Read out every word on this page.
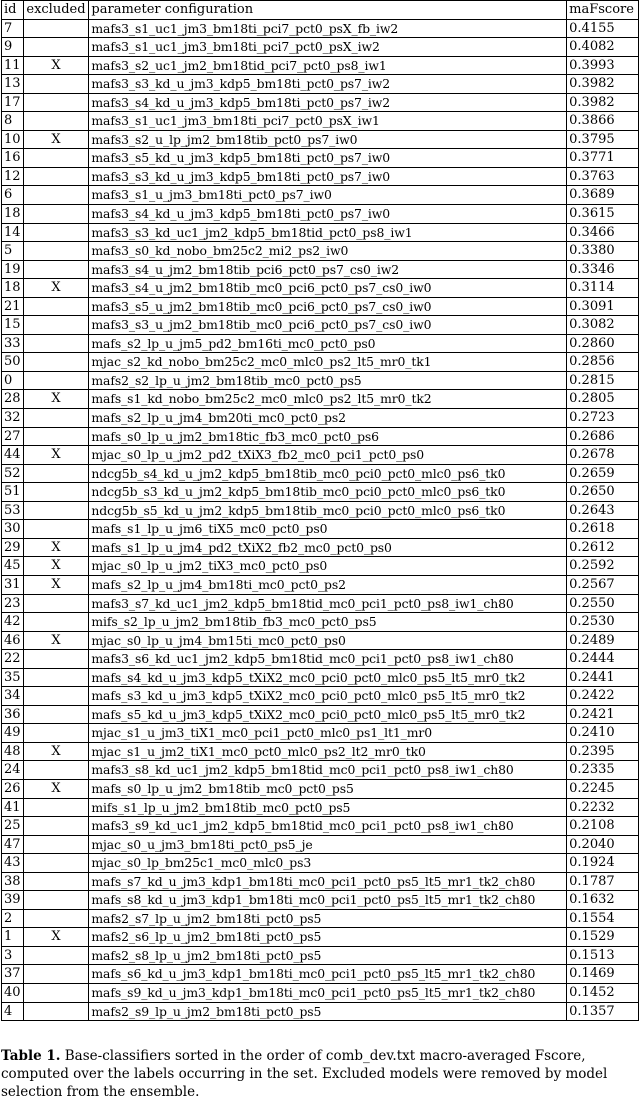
id	excluded	parameter configuration	maFscore
7		mafs3_s1_uc1_jm3_bm18ti_pci7_pct0_psX_fb_iw2	0.4155
9		mafs3_s1_uc1_jm3_bm18ti_pci7_pct0_psX_iw2	0.4082
11	X	mafs3_s2_uc1_jm2_bm18tid_pci7_pct0_ps8_iw1	0.3993
13		mafs3_s3_kd_u_jm3_kdp5_bm18ti_pct0_ps7_iw2	0.3982
17		mafs3_s4_kd_u_jm3_kdp5_bm18ti_pct0_ps7_iw2	0.3982
8		mafs3_s1_uc1_jm3_bm18ti_pci7_pct0_psX_iw1	0.3866
10	X	mafs3_s2_u_lp_jm2_bm18tib_pct0_ps7_iw0	0.3795
16		mafs3_s5_kd_u_jm3_kdp5_bm18ti_pct0_ps7_iw0	0.3771
12		mafs3_s3_kd_u_jm3_kdp5_bm18ti_pct0_ps7_iw0	0.3763
6		mafs3_s1_u_jm3_bm18ti_pct0_ps7_iw0	0.3689
18		mafs3_s4_kd_u_jm3_kdp5_bm18ti_pct0_ps7_iw0	0.3615
14		mafs3_s3_kd_uc1_jm2_kdp5_bm18tid_pct0_ps8_iw1	0.3466
5		mafs3_s0_kd_nobo_bm25c2_mi2_ps2_iw0	0.3380
19		mafs3_s4_u_jm2_bm18tib_pci6_pct0_ps7_cs0_iw2	0.3346
18	X	mafs3_s4_u_jm2_bm18tib_mc0_pci6_pct0_ps7_cs0_iw0	0.3114
21		mafs3_s5_u_jm2_bm18tib_mc0_pci6_pct0_ps7_cs0_iw0	0.3091
15		mafs3_s3_u_jm2_bm18tib_mc0_pci6_pct0_ps7_cs0_iw0	0.3082
33		mafs_s2_lp_u_jm5_pd2_bm16ti_mc0_pct0_ps0	0.2860
50		mjac_s2_kd_nobo_bm25c2_mc0_mlc0_ps2_lt5_mr0_tk1	0.2856
0		mafs2_s2_lp_u_jm2_bm18tib_mc0_pct0_ps5	0.2815
28	X	mafs_s1_kd_nobo_bm25c2_mc0_mlc0_ps2_lt5_mr0_tk2	0.2805
32		mafs_s2_lp_u_jm4_bm20ti_mc0_pct0_ps2	0.2723
27		mafs_s0_lp_u_jm2_bm18tic_fb3_mc0_pct0_ps6	0.2686
44	X	mjac_s0_lp_u_jm2_pd2_tXiX3_fb2_mc0_pci1_pct0_ps0	0.2678
52		ndcg5b_s4_kd_u_jm2_kdp5_bm18tib_mc0_pci0_pct0_mlc0_ps6_tk0	0.2659
51		ndcg5b_s3_kd_u_jm2_kdp5_bm18tib_mc0_pci0_pct0_mlc0_ps6_tk0	0.2650
53		ndcg5b_s5_kd_u_jm2_kdp5_bm18tib_mc0_pci0_pct0_mlc0_ps6_tk0	0.2643
30		mafs_s1_lp_u_jm6_tiX5_mc0_pct0_ps0	0.2618
29	X	mafs_s1_lp_u_jm4_pd2_tXiX2_fb2_mc0_pct0_ps0	0.2612
45	X	mjac_s0_lp_u_jm2_tiX3_mc0_pct0_ps0	0.2592
31	X	mafs_s2_lp_u_jm4_bm18ti_mc0_pct0_ps2	0.2567
23		mafs3_s7_kd_uc1_jm2_kdp5_bm18tid_mc0_pci1_pct0_ps8_iw1_ch80	0.2550
42		mifs_s2_lp_u_jm2_bm18tib_fb3_mc0_pct0_ps5	0.2530
46	X	mjac_s0_lp_u_jm4_bm15ti_mc0_pct0_ps0	0.2489
22		mafs3_s6_kd_uc1_jm2_kdp5_bm18tid_mc0_pci1_pct0_ps8_iw1_ch80	0.2444
35		mafs_s4_kd_u_jm3_kdp5_tXiX2_mc0_pci0_pct0_mlc0_ps5_lt5_mr0_tk2	0.2441
34		mafs_s3_kd_u_jm3_kdp5_tXiX2_mc0_pci0_pct0_mlc0_ps5_lt5_mr0_tk2	0.2422
36		mafs_s5_kd_u_jm3_kdp5_tXiX2_mc0_pci0_pct0_mlc0_ps5_lt5_mr0_tk2	0.2421
49		mjac_s1_u_jm3_tiX1_mc0_pci1_pct0_mlc0_ps1_lt1_mr0	0.2410
48	X	mjac_s1_u_jm2_tiX1_mc0_pct0_mlc0_ps2_lt2_mr0_tk0	0.2395
24		mafs3_s8_kd_uc1_jm2_kdp5_bm18tid_mc0_pci1_pct0_ps8_iw1_ch80	0.2335
26	X	mafs_s0_lp_u_jm2_bm18tib_mc0_pct0_ps5	0.2245
41		mifs_s1_lp_u_jm2_bm18tib_mc0_pct0_ps5	0.2232
25		mafs3_s9_kd_uc1_jm2_kdp5_bm18tid_mc0_pci1_pct0_ps8_iw1_ch80	0.2108
47		mjac_s0_u_jm3_bm18ti_pct0_ps5_je	0.2040
43		mjac_s0_lp_bm25c1_mc0_mlc0_ps3	0.1924
38		mafs_s7_kd_u_jm3_kdp1_bm18ti_mc0_pci1_pct0_ps5_lt5_mr1_tk2_ch80	0.1787
39		mafs_s8_kd_u_jm3_kdp1_bm18ti_mc0_pci1_pct0_ps5_lt5_mr1_tk2_ch80	0.1632
2		mafs2_s7_lp_u_jm2_bm18ti_pct0_ps5	0.1554
1	X	mafs2_s6_lp_u_jm2_bm18ti_pct0_ps5	0.1529
3		mafs2_s8_lp_u_jm2_bm18ti_pct0_ps5	0.1513
37		mafs_s6_kd_u_jm3_kdp1_bm18ti_mc0_pci1_pct0_ps5_lt5_mr1_tk2_ch80	0.1469
40		mafs_s9_kd_u_jm3_kdp1_bm18ti_mc0_pci1_pct0_ps5_lt5_mr1_tk2_ch80	0.1452
4		mafs2_s9_lp_u_jm2_bm18ti_pct0_ps5	0.1357
Table 1. Base-classifiers sorted in the order of comb_dev.txt macro-averaged Fscore, computed over the labels occurring in the set. Excluded models were removed by model selection from the ensemble.
